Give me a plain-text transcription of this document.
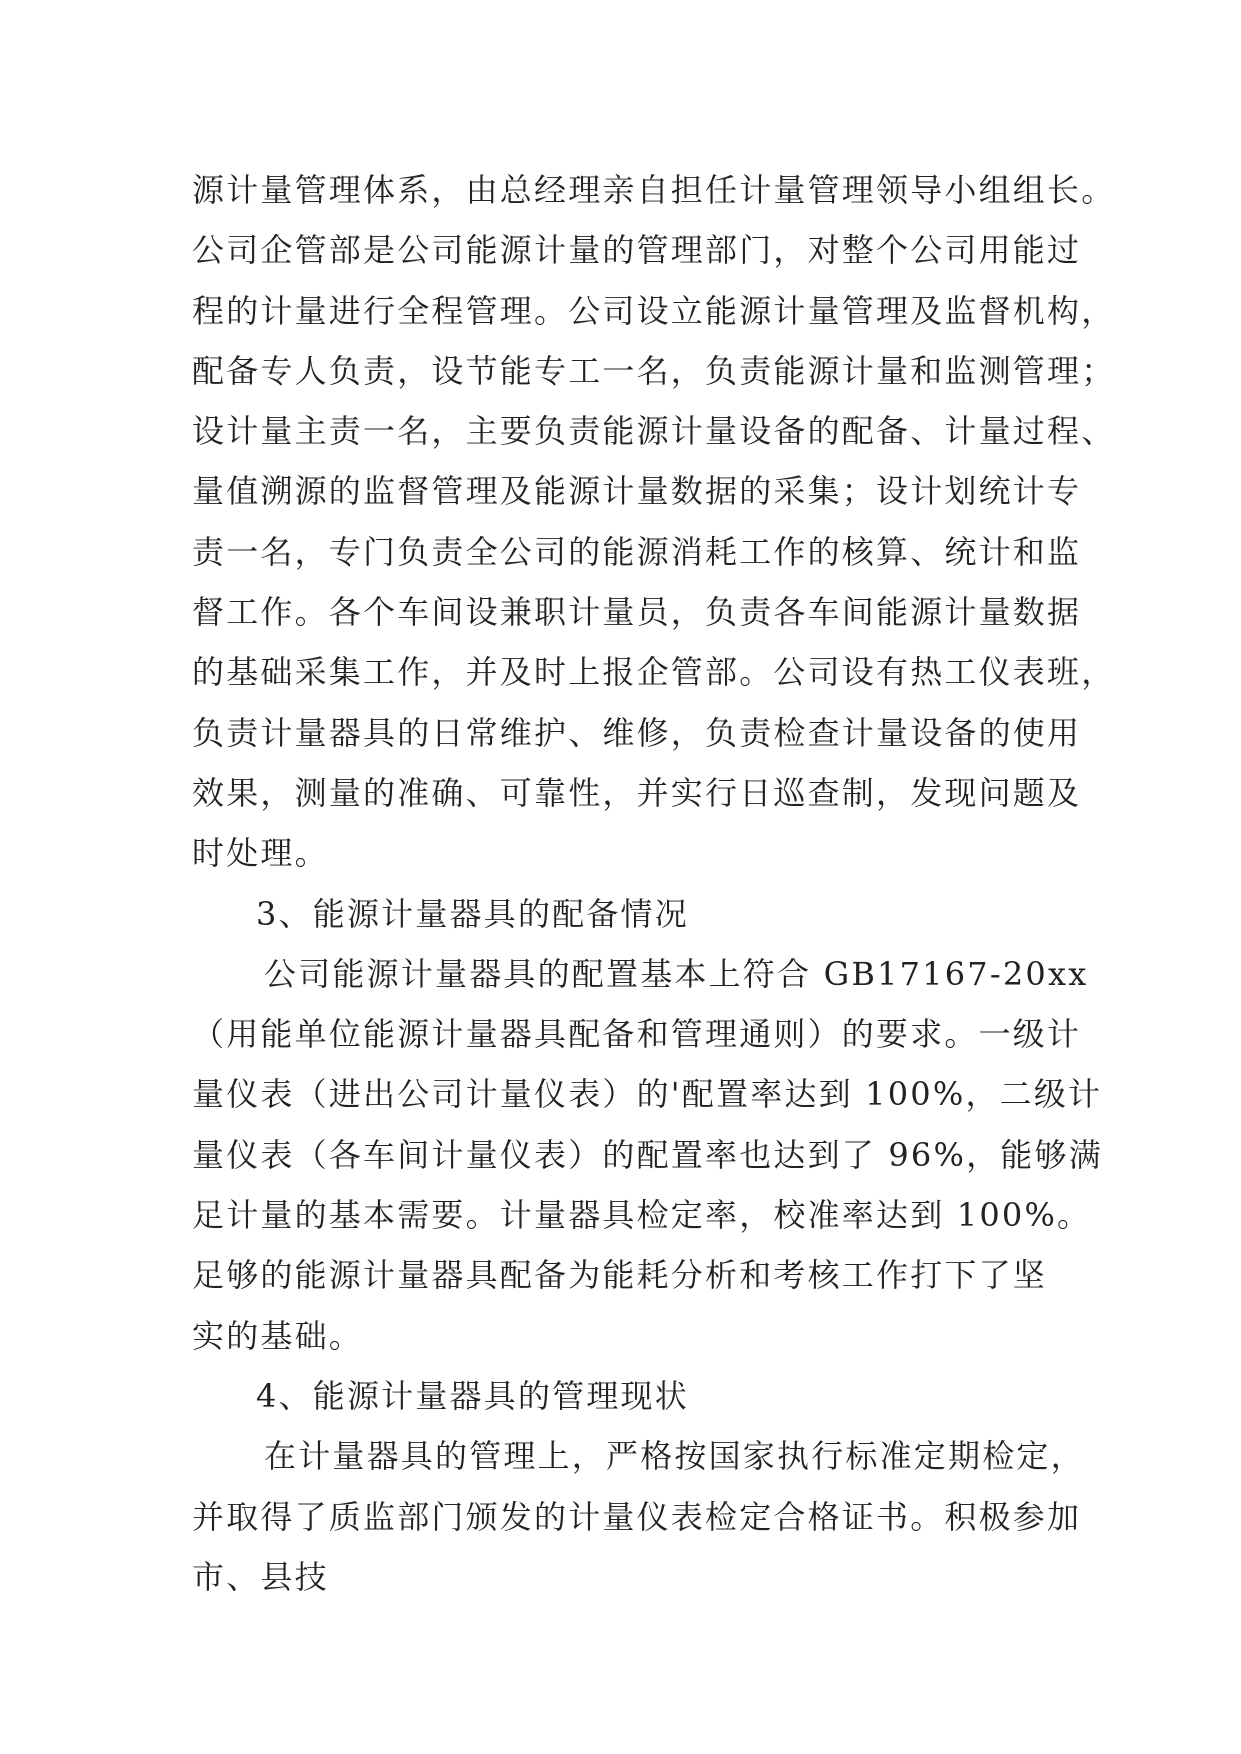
源计量管理体系，由总经理亲自担任计量管理领导小组组长。
公司企管部是公司能源计量的管理部门，对整个公司用能过
程的计量进行全程管理。公司设立能源计量管理及监督机构，
配备专人负责，设节能专工一名，负责能源计量和监测管理；
设计量主责一名，主要负责能源计量设备的配备、计量过程、
量值溯源的监督管理及能源计量数据的采集；设计划统计专
责一名，专门负责全公司的能源消耗工作的核算、统计和监
督工作。各个车间设兼职计量员，负责各车间能源计量数据
的基础采集工作，并及时上报企管部。公司设有热工仪表班，
负责计量器具的日常维护、维修，负责检查计量设备的使用
效果，测量的准确、可靠性，并实行日巡查制，发现问题及
时处理。
3、能源计量器具的配备情况
公司能源计量器具的配置基本上符合 GB17167-20xx
（用能单位能源计量器具配备和管理通则）的要求。一级计
量仪表（进出公司计量仪表）的'配置率达到 100%，二级计
量仪表（各车间计量仪表）的配置率也达到了 96%，能够满
足计量的基本需要。计量器具检定率，校准率达到 100%。
足够的能源计量器具配备为能耗分析和考核工作打下了坚
实的基础。
4、能源计量器具的管理现状
在计量器具的管理上，严格按国家执行标准定期检定，
并取得了质监部门颁发的计量仪表检定合格证书。积极参加
市、县技
